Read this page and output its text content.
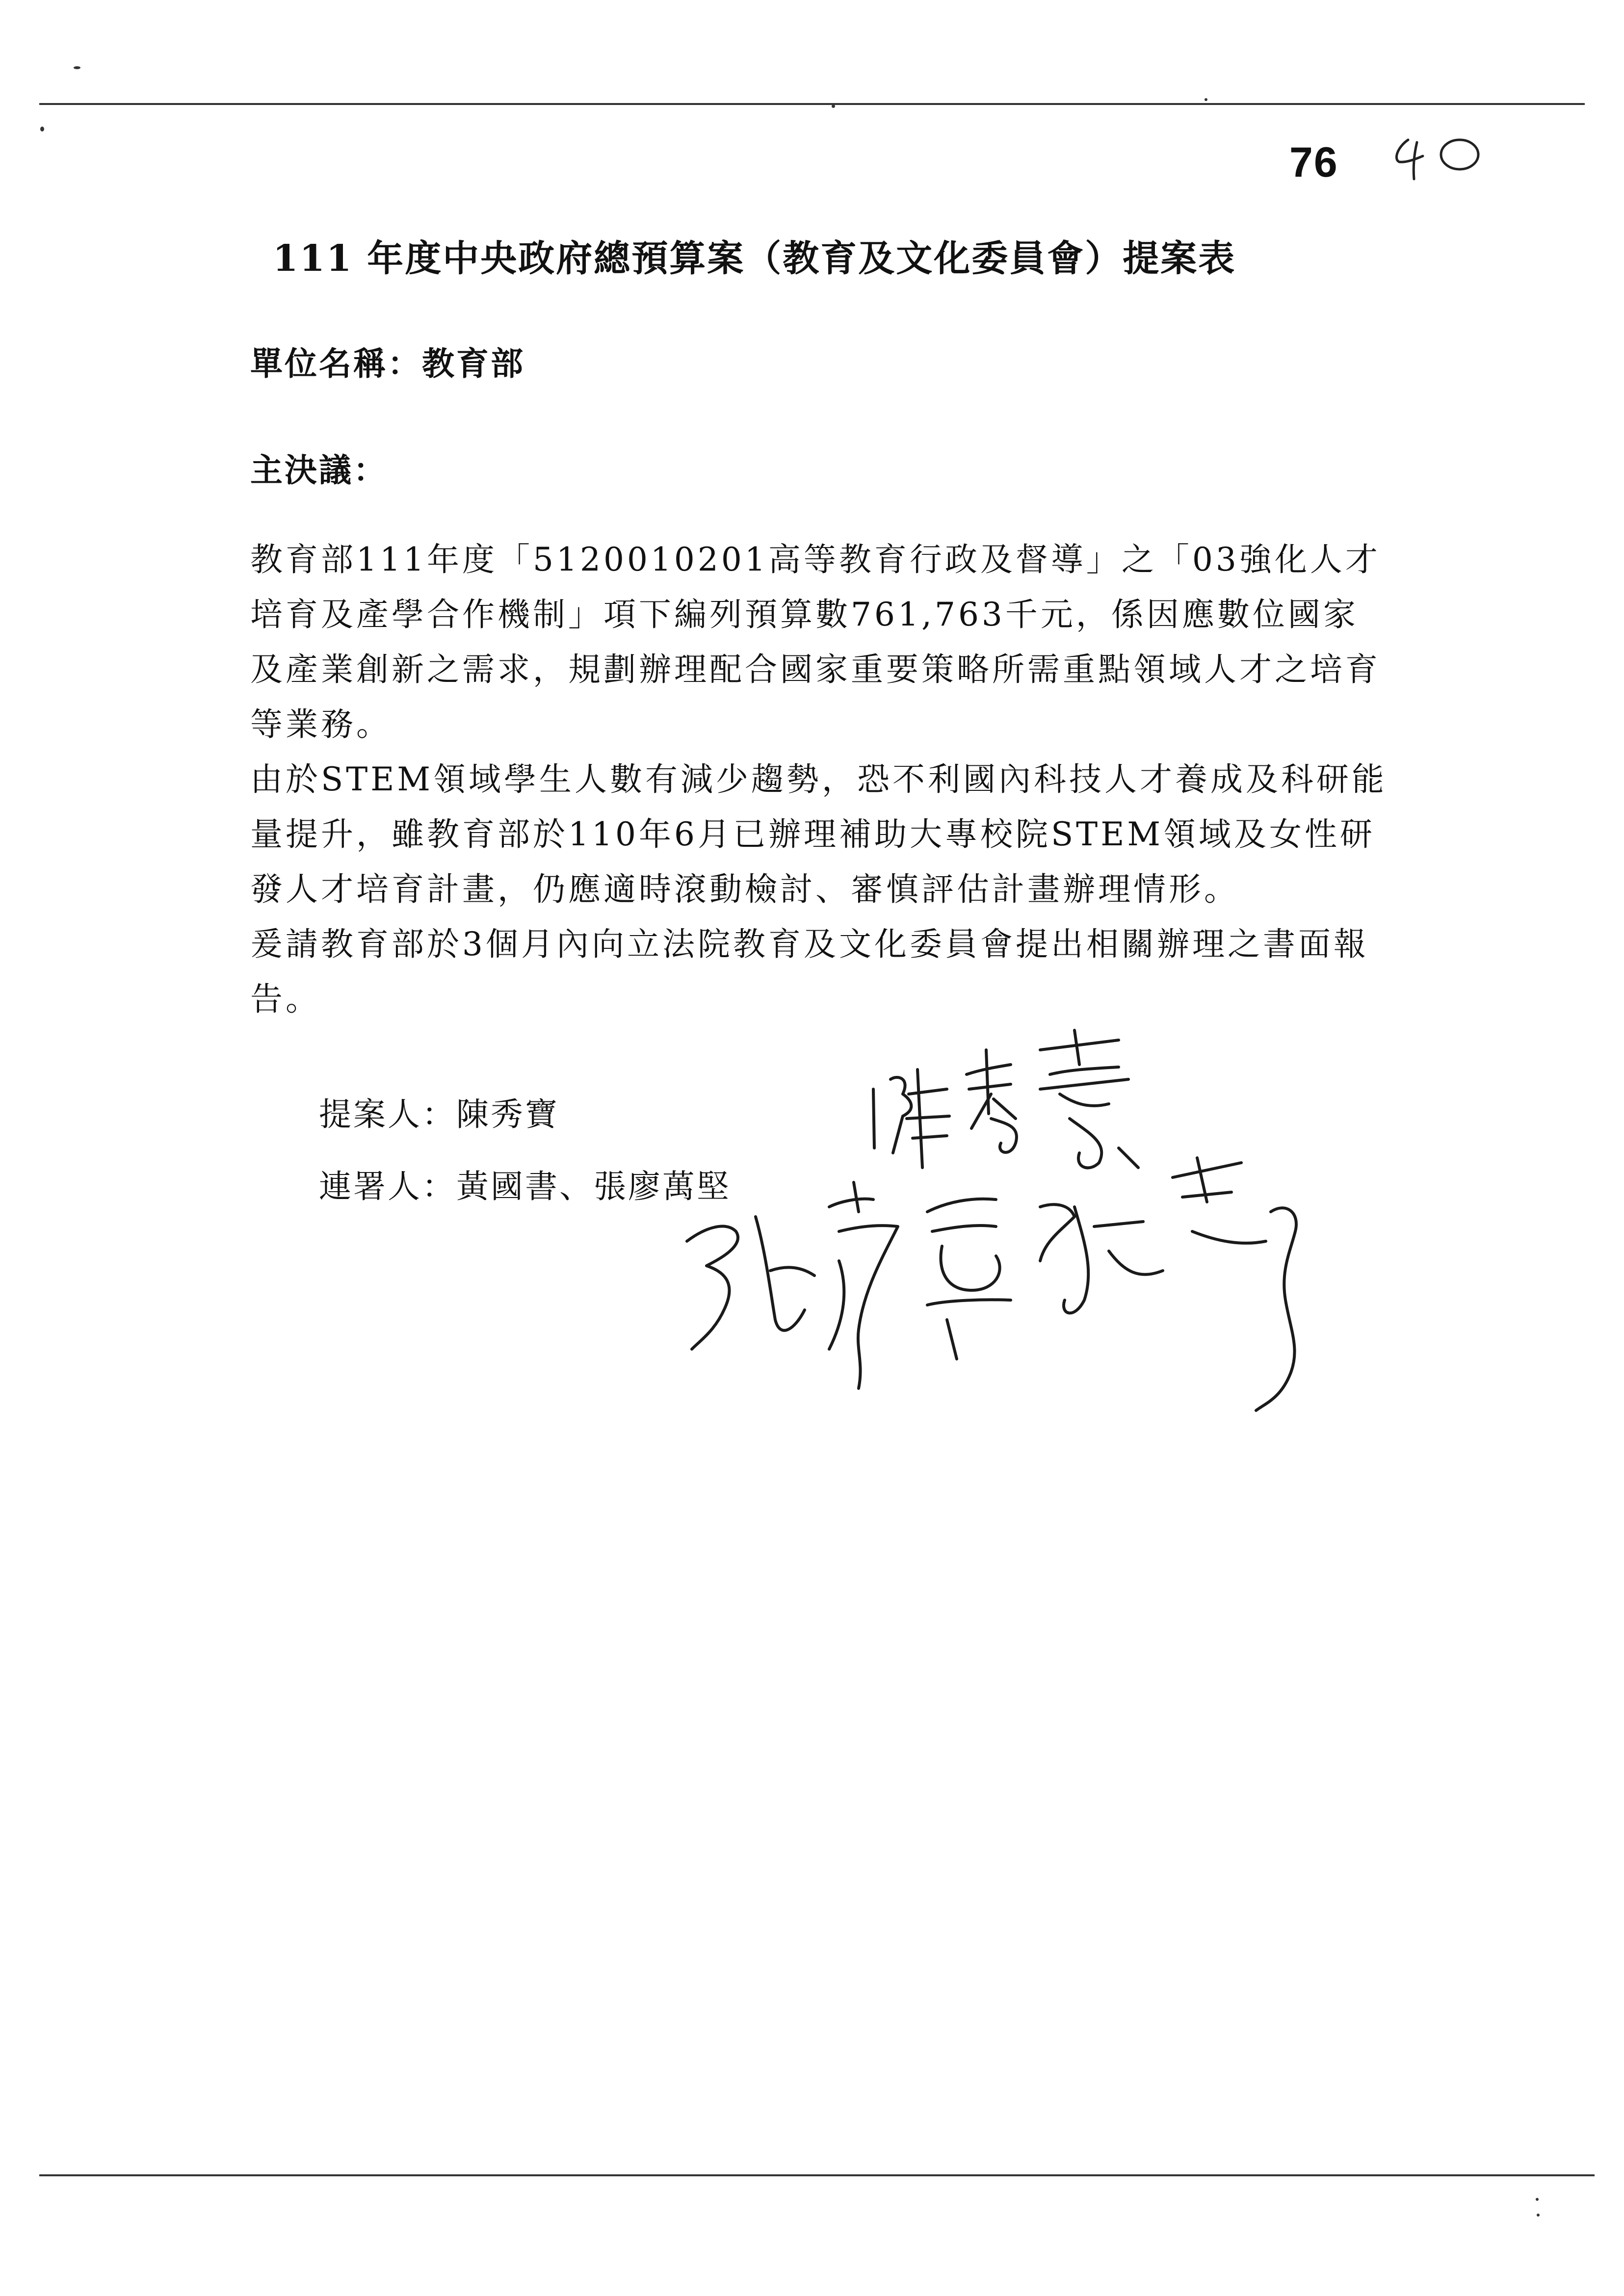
76
111 年度中央政府總預算案（教育及文化委員會）提案表
單位名稱：教育部
主決議：

教育部111年度「5120010201高等教育行政及督導」之「03強化人才培育及產學合作機制」項下編列預算數761,763千元，係因應數位國家及產業創新之需求，規劃辦理配合國家重要策略所需重點領域人才之培育等業務。

由於STEM領域學生人數有減少趨勢，恐不利國內科技人才養成及科研能量提升，雖教育部於110年6月已辦理補助大專校院STEM領域及女性研發人才培育計畫，仍應適時滾動檢討、審慎評估計畫辦理情形。

爰請教育部於3個月內向立法院教育及文化委員會提出相關辦理之書面報告。

提案人：陳秀寶
連署人：黃國書、張廖萬堅
